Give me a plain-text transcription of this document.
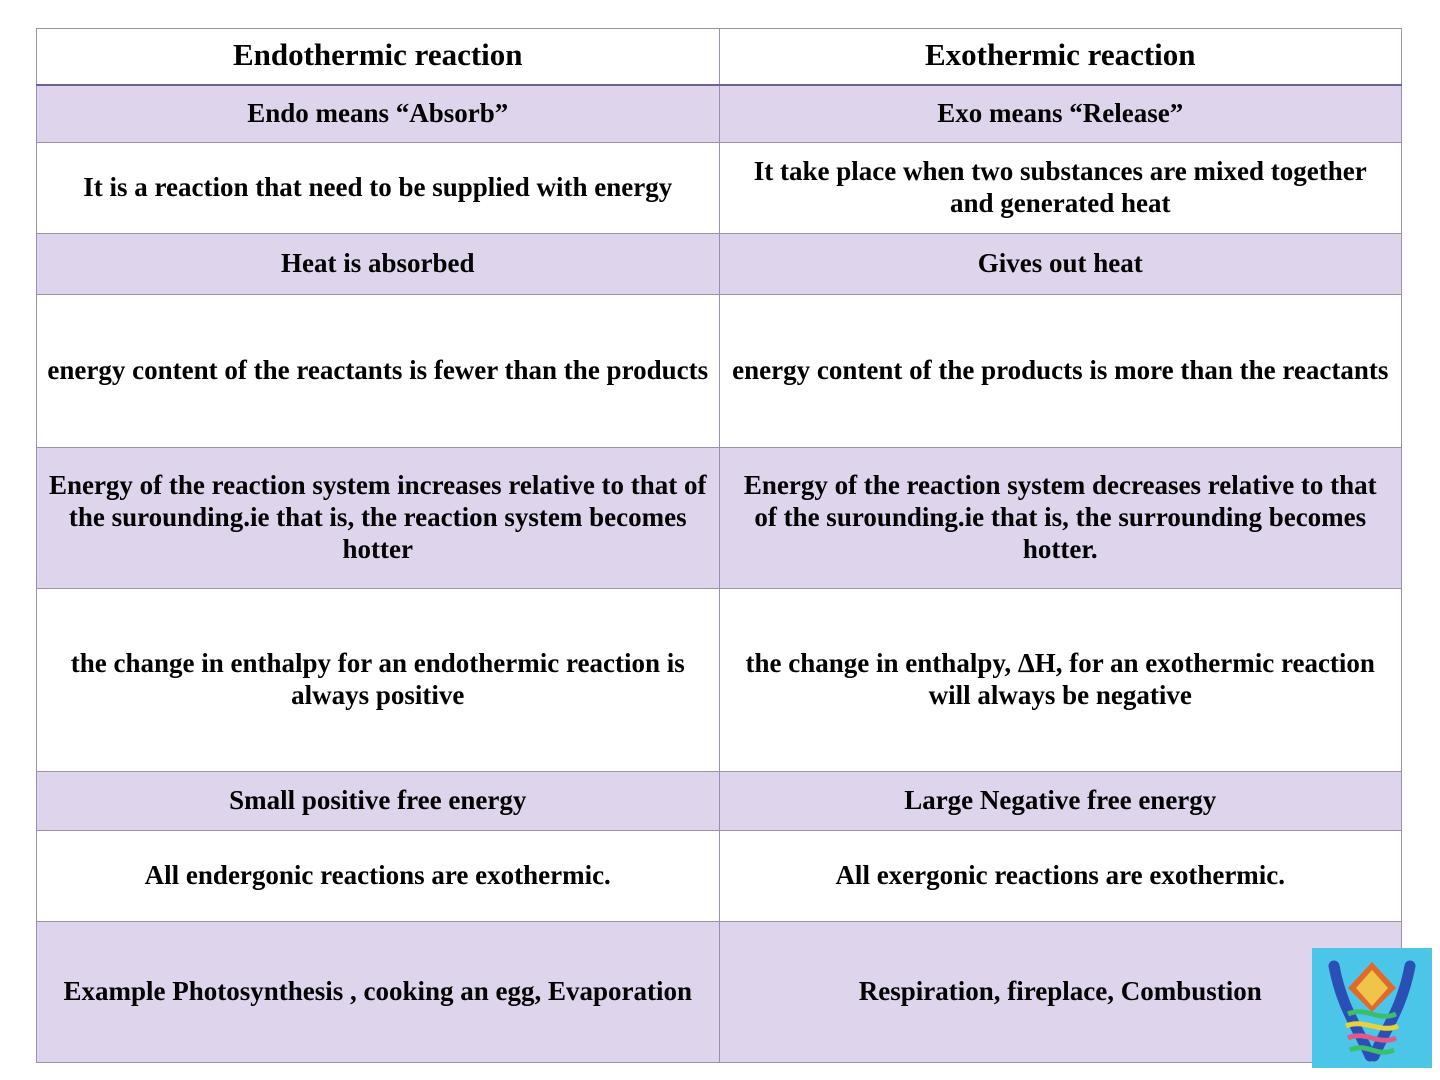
Endothermic reaction	Exothermic reaction
Endo means “Absorb”	Exo means “Release”
It is a reaction that need to be supplied with energy	It take place when two substances are mixed together and generated heat
Heat is absorbed	Gives out heat
energy content of the reactants is fewer than the products	energy content of the products is more than the reactants
Energy of the reaction system increases relative to that of the surounding.ie that is, the reaction system becomes hotter	Energy of the reaction system decreases relative to that of the surounding.ie that is, the surrounding becomes hotter.
the change in enthalpy for an endothermic reaction is always positive	the change in enthalpy, ΔH, for an exothermic reaction will always be negative
Small positive free energy	Large Negative free energy
All endergonic reactions are exothermic.	All exergonic reactions are exothermic.
Example Photosynthesis , cooking an egg, Evaporation	Respiration, fireplace, Combustion
